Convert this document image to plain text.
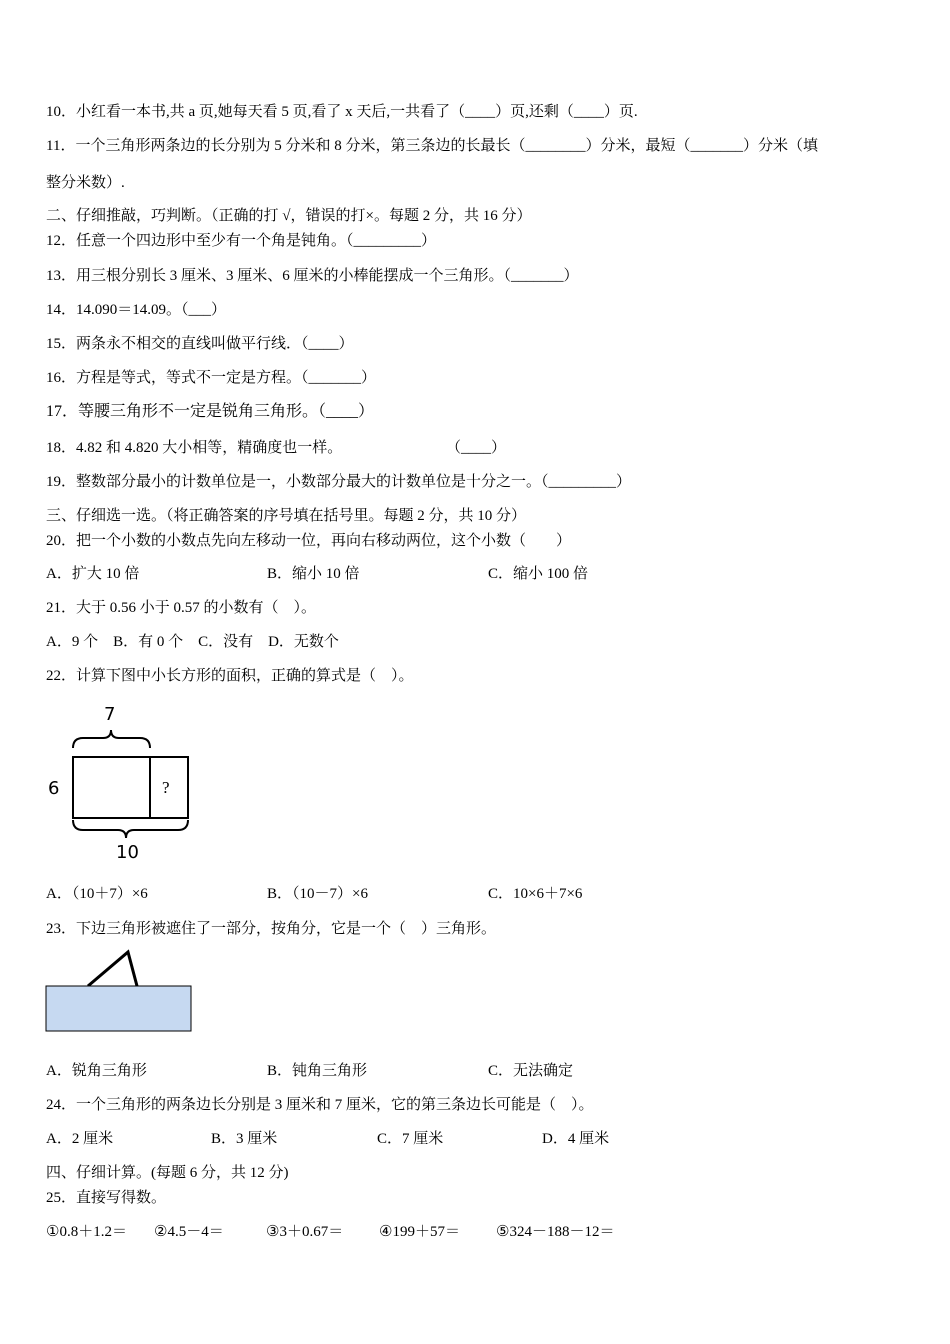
10．小红看一本书,共 a 页,她每天看 5 页,看了 x 天后,一共看了（____）页,还剩（____）页.
11．一个三角形两条边的长分别为 5 分米和 8 分米，第三条边的长最长（________）分米，最短（_______）分米（填
整分米数）.
二、仔细推敲，巧判断。（正确的打 √，错误的打×。每题 2 分，共 16 分）
12．任意一个四边形中至少有一个角是钝角。（_________）
13．用三根分别长 3 厘米、3 厘米、6 厘米的小棒能摆成一个三角形。（_______）
14．14.090＝14.09。（___）
15．两条永不相交的直线叫做平行线．（____）
16．方程是等式，等式不一定是方程。（_______）
17．等腰三角形不一定是锐角三角形。（____）
18．4.82 和 4.820 大小相等，精确度也一样。	（____）
19．整数部分最小的计数单位是一，小数部分最大的计数单位是十分之一。（_________）
三、仔细选一选。（将正确答案的序号填在括号里。每题 2 分，共 10 分）
20．把一个小数的小数点先向左移动一位，再向右移动两位，这个小数（　　）
A．扩大 10 倍	B．缩小 10 倍	C．缩小 100 倍
21．大于 0.56 小于 0.57 的小数有（　）。
A．9 个　B．有 0 个　C．没有　D．无数个
22．计算下图中小长方形的面积，正确的算式是（　）。
7
6	?
10
A．（10＋7）×6	B．（10－7）×6	C．10×6＋7×6
23．下边三角形被遮住了一部分，按角分，它是一个（　）三角形。
A．锐角三角形	B．钝角三角形	C．无法确定
24．一个三角形的两条边长分别是 3 厘米和 7 厘米，它的第三条边长可能是（　）。
A．2 厘米	B．3 厘米	C．7 厘米	D．4 厘米
四、仔细计算。(每题 6 分，共 12 分)
25．直接写得数。
①0.8＋1.2＝ ②4.5－4＝	③3＋0.67＝ ④199＋57＝ ⑤324－188－12＝
